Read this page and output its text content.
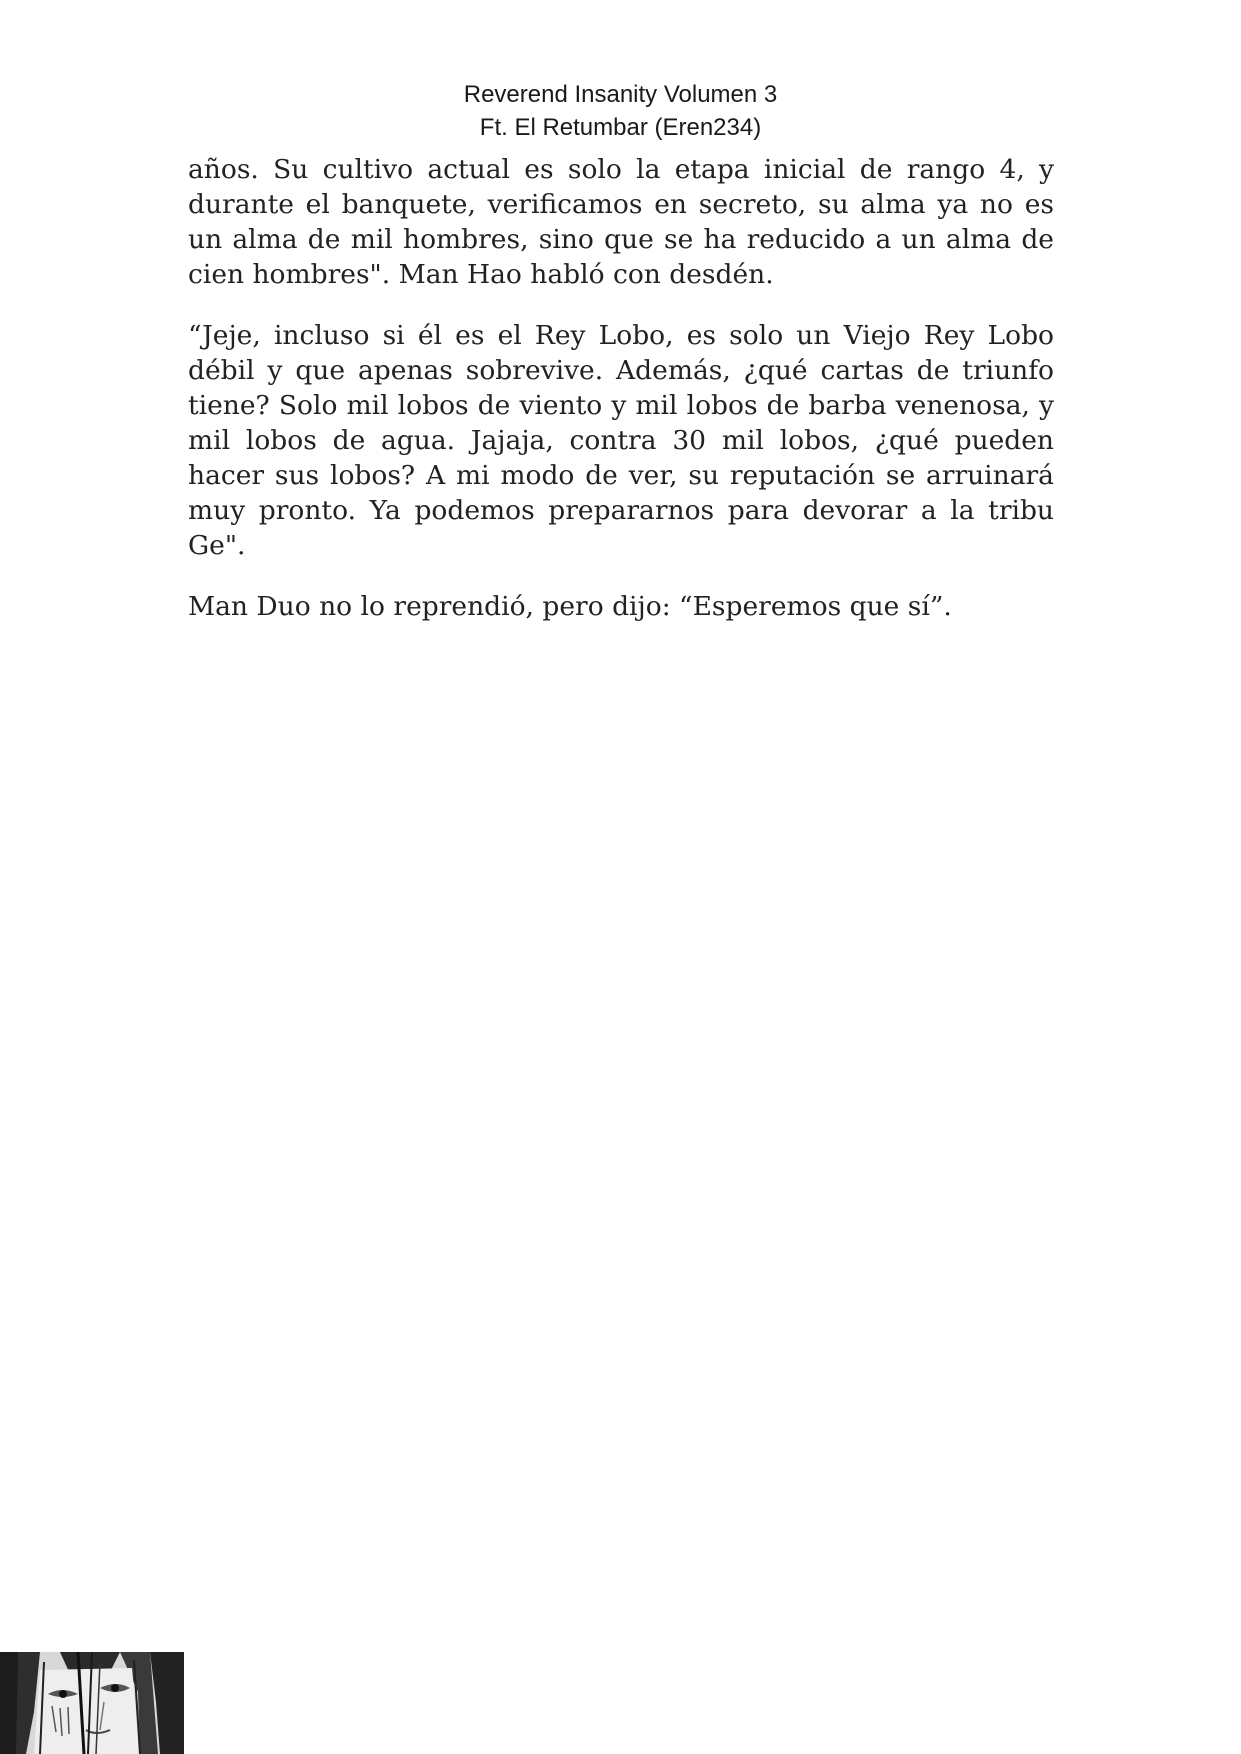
Reverend Insanity Volumen 3
Ft. El Retumbar (Eren234)

años. Su cultivo actual es solo la etapa inicial de rango 4, y durante el banquete, verificamos en secreto, su alma ya no es un alma de mil hombres, sino que se ha reducido a un alma de cien hombres". Man Hao habló con desdén.

“Jeje, incluso si él es el Rey Lobo, es solo un Viejo Rey Lobo débil y que apenas sobrevive. Además, ¿qué cartas de triunfo tiene? Solo mil lobos de viento y mil lobos de barba venenosa, y mil lobos de agua. Jajaja, contra 30 mil lobos, ¿qué pueden hacer sus lobos? A mi modo de ver, su reputación se arruinará muy pronto. Ya podemos prepararnos para devorar a la tribu Ge".

Man Duo no lo reprendió, pero dijo: “Esperemos que sí”.
